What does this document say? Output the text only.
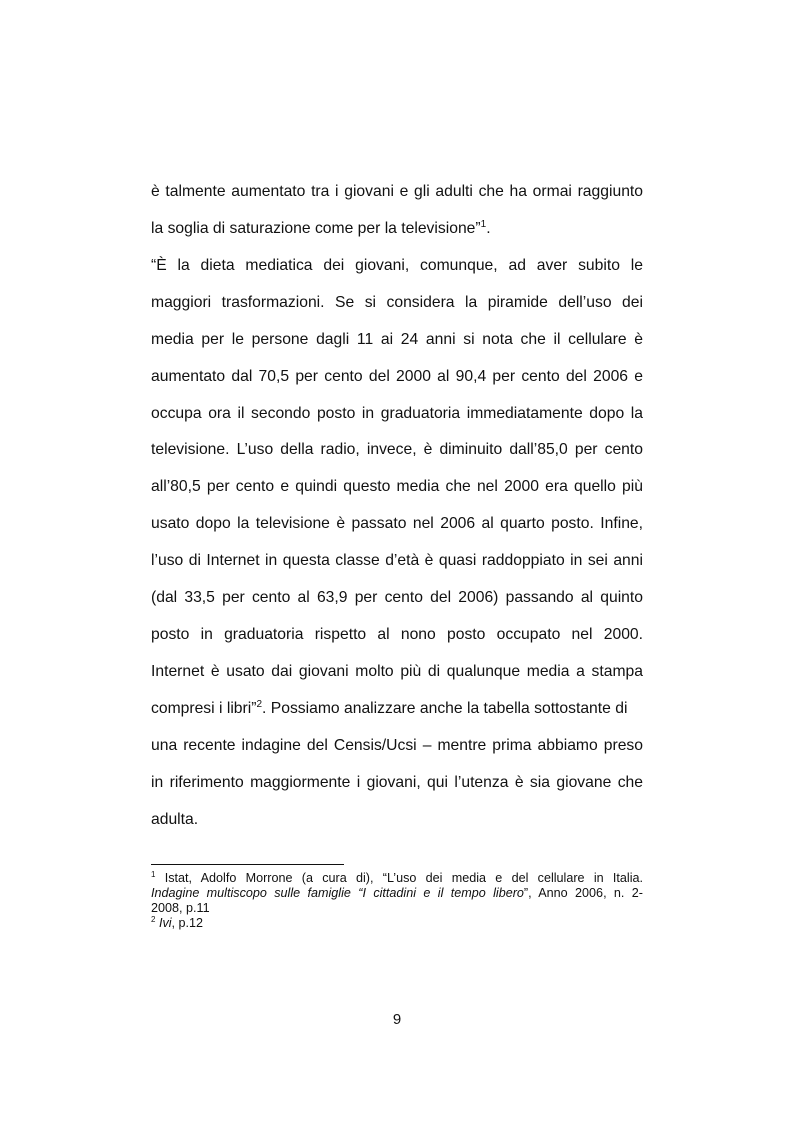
è talmente aumentato tra i giovani e gli adulti che ha ormai raggiunto
la soglia di saturazione come per la televisione”$^1$.
“È la dieta mediatica dei giovani, comunque, ad aver subito le
maggiori trasformazioni. Se si considera la piramide dell’uso dei
media per le persone dagli 11 ai 24 anni si nota che il cellulare è
aumentato dal 70,5 per cento del 2000 al 90,4 per cento del 2006 e
occupa ora il secondo posto in graduatoria immediatamente dopo la
televisione. L’uso della radio, invece, è diminuito dall’85,0 per cento
all’80,5 per cento e quindi questo media che nel 2000 era quello più
usato dopo la televisione è passato nel 2006 al quarto posto. Infine,
l’uso di Internet in questa classe d’età è quasi raddoppiato in sei anni
(dal 33,5 per cento al 63,9 per cento del 2006) passando al quinto
posto in graduatoria rispetto al nono posto occupato nel 2000.
Internet è usato dai giovani molto più di qualunque media a stampa
compresi i libri”$^2$. Possiamo analizzare anche la tabella sottostante di
una recente indagine del Censis/Ucsi – mentre prima abbiamo preso
in riferimento maggiormente i giovani, qui l’utenza è sia giovane che
adulta.
$^1$ Istat, Adolfo Morrone (a cura di), “L’uso dei media e del cellulare in Italia.
Indagine multiscopo sulle famiglie “I cittadini e il tempo libero”, Anno 2006, n. 2-
2008, p.11
$^2$ Ivi, p.12
9
